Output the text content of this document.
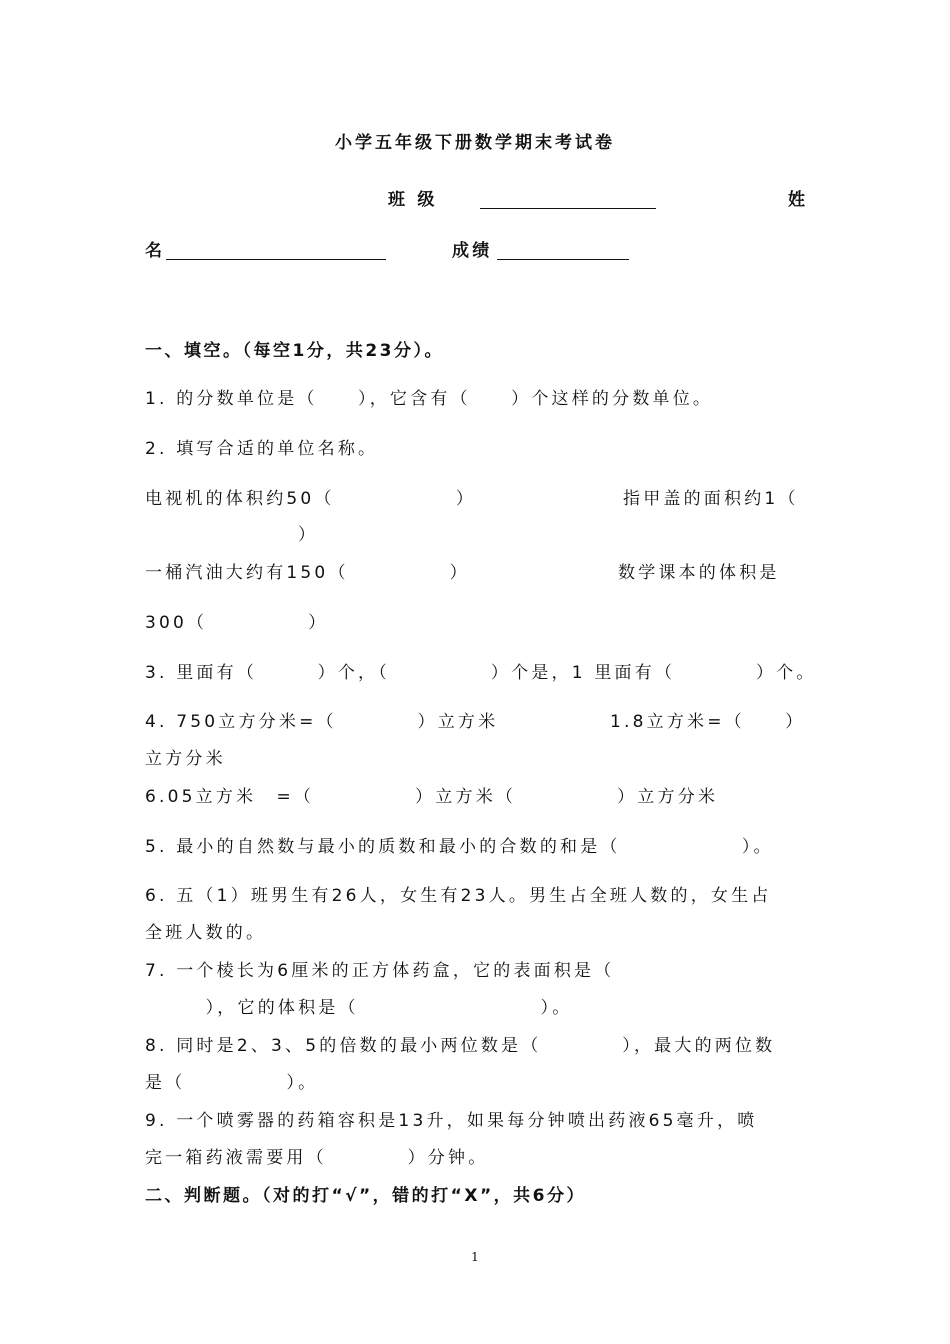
小学五年级下册数学期末考试卷
班 级	姓
名	成绩
一、填空。（每空1分，共23分）。
1. 的分数单位是（　　），它含有（　　）个这样的分数单位。
2. 填写合适的单位名称。
电视机的体积约50（　　　　　　）	指甲盖的面积约1（
）
一桶汽油大约有150（　　　　　）	数学课本的体积是
300（　　　　　）
3. 里面有（　　　）个，（　　　　　）个是，1 里面有（　　　　）个。
4. 750立方分米=（　　　　）立方米	1.8立方米=（　　）
立方分米
6.05立方米　=（　　　　　）立方米（　　　　　）立方分米
5. 最小的自然数与最小的质数和最小的合数的和是（　　　　　　）。
6. 五（1）班男生有26人，女生有23人。男生占全班人数的，女生占
全班人数的。
7. 一个棱长为6厘米的正方体药盒，它的表面积是（
　　　），它的体积是（　　　　　　　　　）。
8. 同时是2、3、5的倍数的最小两位数是（　　　　），最大的两位数
是（　　　　　）。
9. 一个喷雾器的药箱容积是13升，如果每分钟喷出药液65毫升，喷
完一箱药液需要用（　　　　）分钟。
二、判断题。（对的打“√”，错的打“X”，共6分）
1
